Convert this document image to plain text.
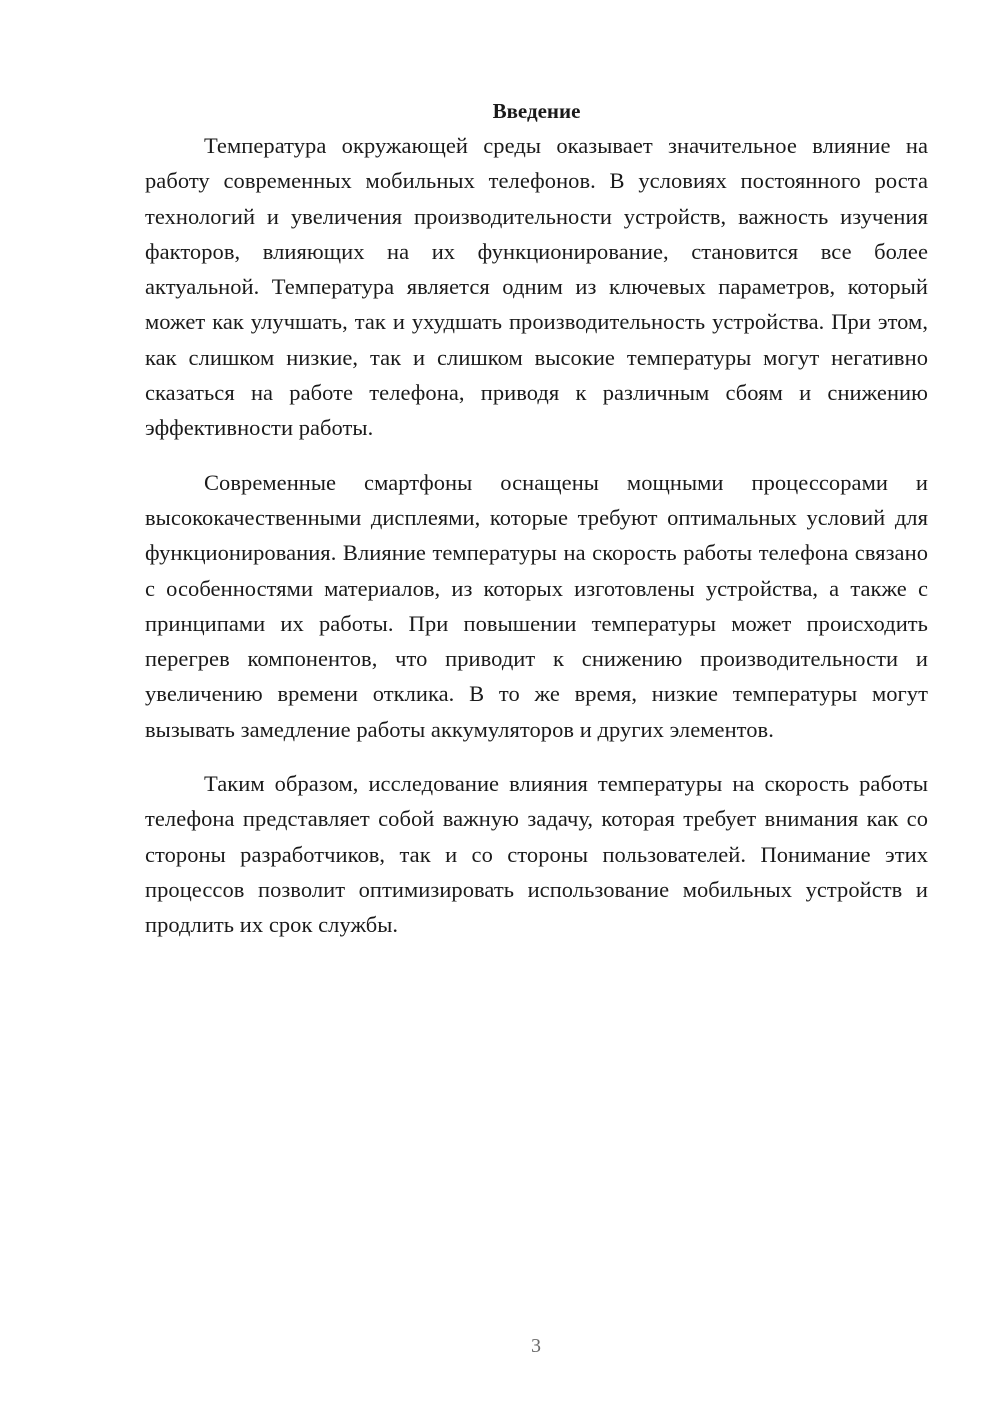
Введение

Температура окружающей среды оказывает значительное влияние на работу современных мобильных телефонов. В условиях постоянного роста технологий и увеличения производительности устройств, важность изучения факторов, влияющих на их функционирование, становится все более актуальной. Температура является одним из ключевых параметров, который может как улучшать, так и ухудшать производительность устройства. При этом, как слишком низкие, так и слишком высокие температуры могут негативно сказаться на работе телефона, приводя к различным сбоям и снижению эффективности работы.

Современные смартфоны оснащены мощными процессорами и высококачественными дисплеями, которые требуют оптимальных условий для функционирования. Влияние температуры на скорость работы телефона связано с особенностями материалов, из которых изготовлены устройства, а также с принципами их работы. При повышении температуры может происходить перегрев компонентов, что приводит к снижению производительности и увеличению времени отклика. В то же время, низкие температуры могут вызывать замедление работы аккумуляторов и других элементов.

Таким образом, исследование влияния температуры на скорость работы телефона представляет собой важную задачу, которая требует внимания как со стороны разработчиков, так и со стороны пользователей. Понимание этих процессов позволит оптимизировать использование мобильных устройств и продлить их срок службы.

3
